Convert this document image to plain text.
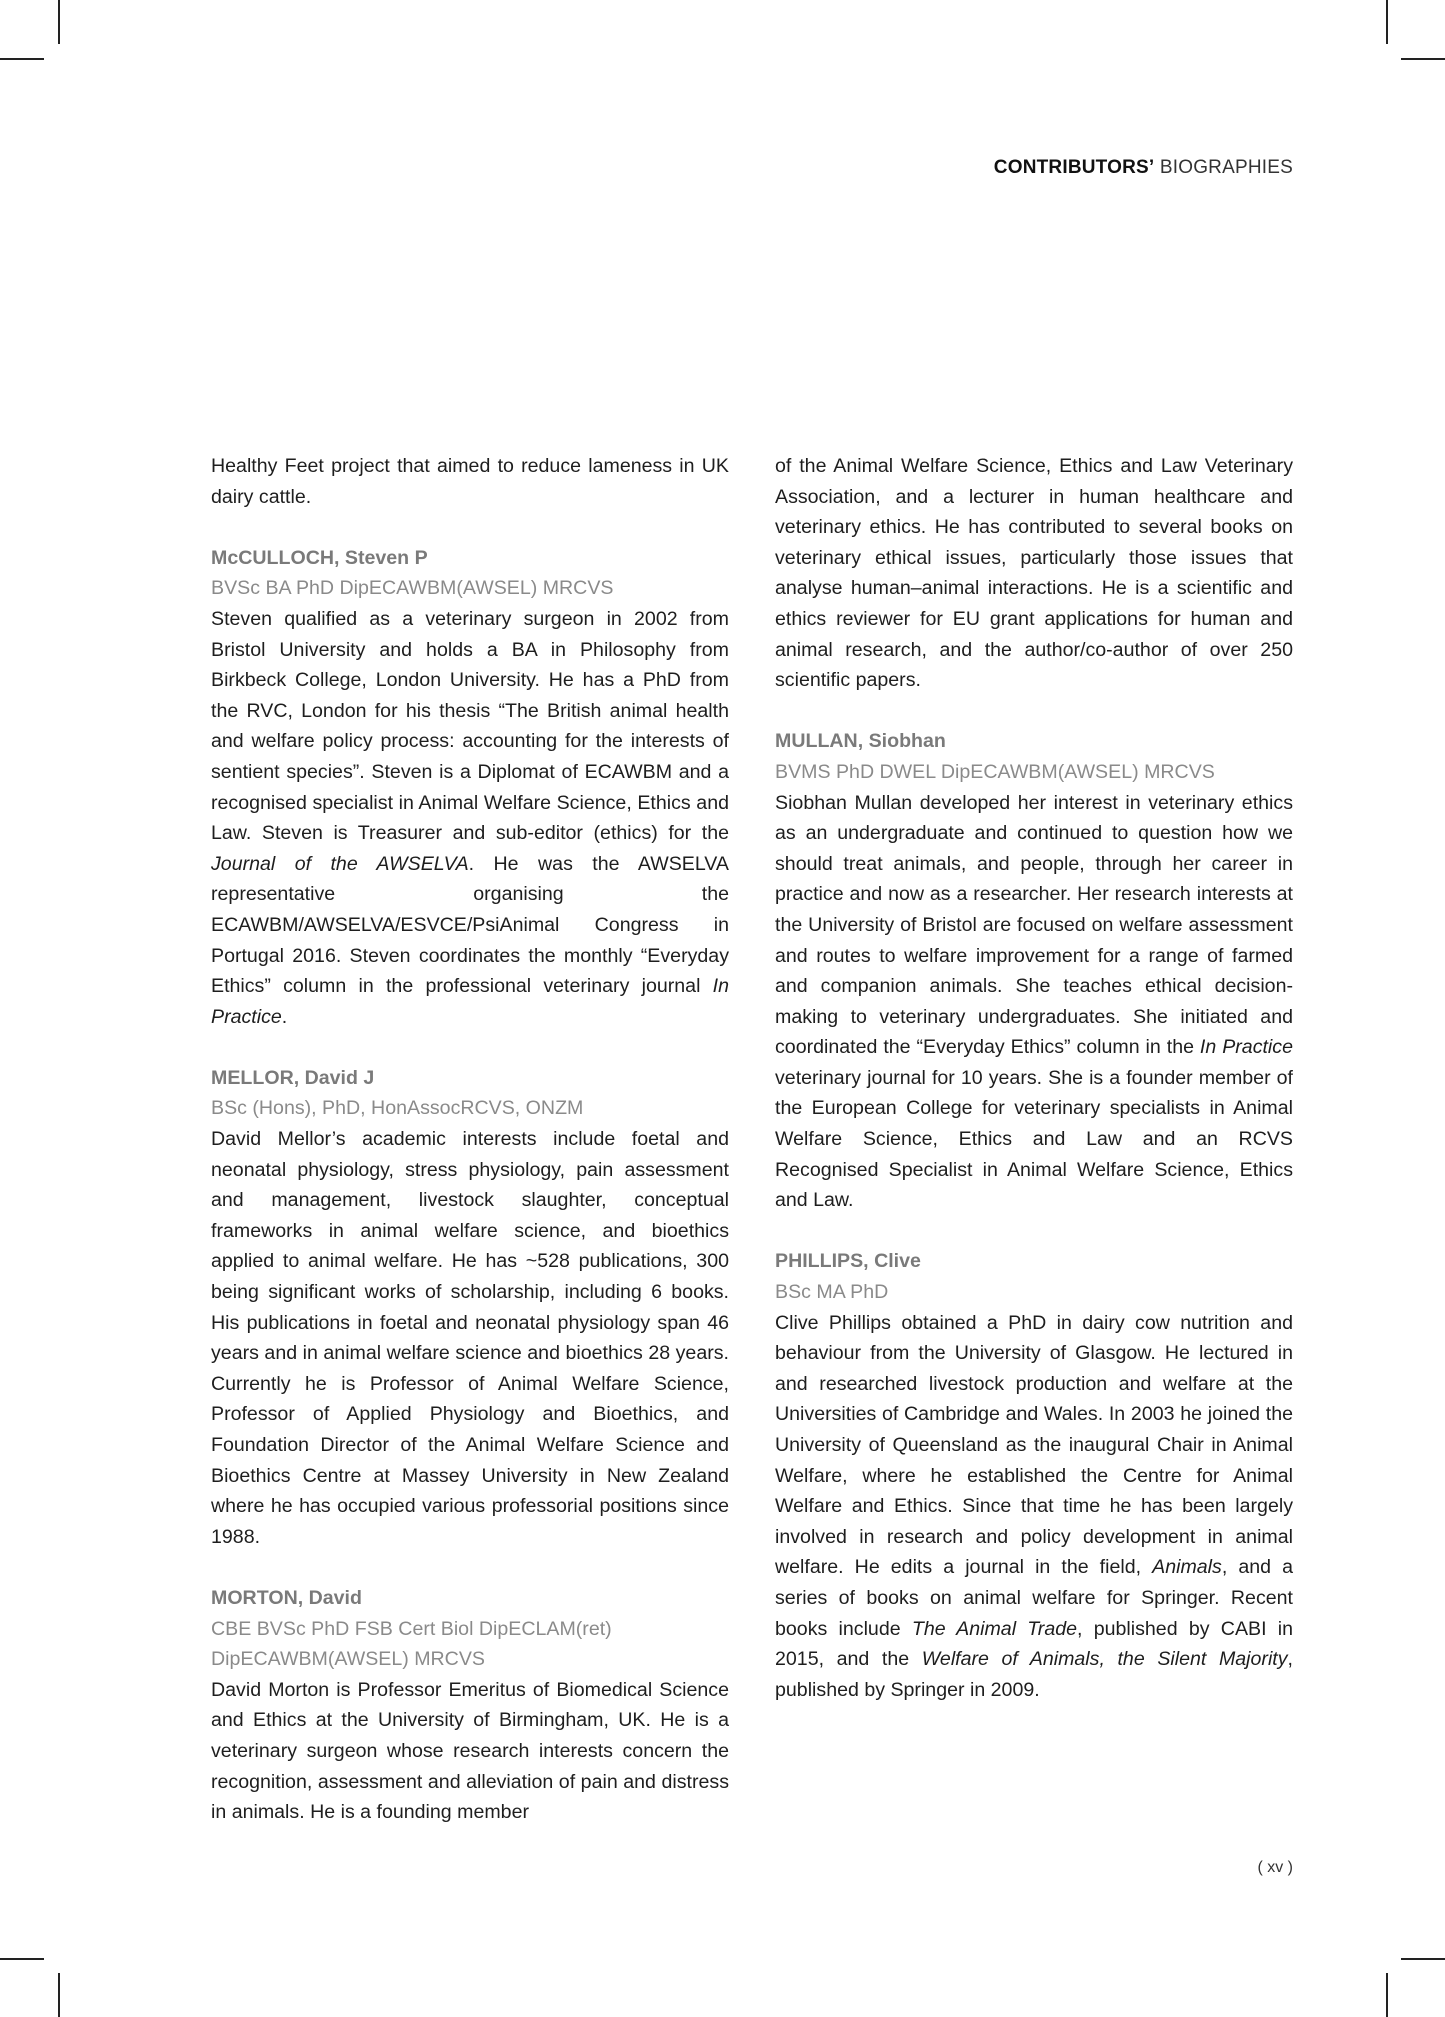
CONTRIBUTORS’ BIOGRAPHIES

Healthy Feet project that aimed to reduce lameness in UK dairy cattle.

McCULLOCH, Steven P
BVSc BA PhD DipECAWBM(AWSEL) MRCVS

Steven qualified as a veterinary surgeon in 2002 from Bristol University and holds a BA in Philosophy from Birkbeck College, London University. He has a PhD from the RVC, London for his thesis “The British animal health and welfare policy process: accounting for the interests of sentient species”. Steven is a Diplomat of ECAWBM and a recognised specialist in Animal Welfare Science, Ethics and Law. Steven is Treasurer and sub-editor (ethics) for the Journal of the AWSELVA. He was the AWSELVA representative organising the ECAWBM/AWSELVA/ESVCE/PsiAnimal Congress in Portugal 2016. Steven coordinates the monthly “Everyday Ethics” column in the professional veterinary journal In Practice.

MELLOR, David J
BSc (Hons), PhD, HonAssocRCVS, ONZM

David Mellor’s academic interests include foetal and neonatal physiology, stress physiology, pain assessment and management, livestock slaughter, conceptual frameworks in animal welfare science, and bioethics applied to animal welfare. He has ~528 publications, 300 being significant works of scholarship, including 6 books. His publications in foetal and neonatal physiology span 46 years and in animal welfare science and bioethics 28 years. Currently he is Professor of Animal Welfare Science, Professor of Applied Physiology and Bioethics, and Foundation Director of the Animal Welfare Science and Bioethics Centre at Massey University in New Zealand where he has occupied various professorial positions since 1988.

MORTON, David
CBE BVSc PhD FSB Cert Biol DipECLAM(ret)
DipECAWBM(AWSEL) MRCVS

David Morton is Professor Emeritus of Biomedical Science and Ethics at the University of Birmingham, UK. He is a veterinary surgeon whose research interests concern the recognition, assessment and alleviation of pain and distress in animals. He is a founding member

of the Animal Welfare Science, Ethics and Law Veterinary Association, and a lecturer in human healthcare and veterinary ethics. He has contributed to several books on veterinary ethical issues, particularly those issues that analyse human–animal interactions. He is a scientific and ethics reviewer for EU grant applications for human and animal research, and the author/co-author of over 250 scientific papers.

MULLAN, Siobhan
BVMS PhD DWEL DipECAWBM(AWSEL) MRCVS

Siobhan Mullan developed her interest in veterinary ethics as an undergraduate and continued to question how we should treat animals, and people, through her career in practice and now as a researcher. Her research interests at the University of Bristol are focused on welfare assessment and routes to welfare improvement for a range of farmed and companion animals. She teaches ethical decision-making to veterinary undergraduates. She initiated and coordinated the “Everyday Ethics” column in the In Practice veterinary journal for 10 years. She is a founder member of the European College for veterinary specialists in Animal Welfare Science, Ethics and Law and an RCVS Recognised Specialist in Animal Welfare Science, Ethics and Law.

PHILLIPS, Clive
BSc MA PhD

Clive Phillips obtained a PhD in dairy cow nutrition and behaviour from the University of Glasgow. He lectured in and researched livestock production and welfare at the Universities of Cambridge and Wales. In 2003 he joined the University of Queensland as the inaugural Chair in Animal Welfare, where he established the Centre for Animal Welfare and Ethics. Since that time he has been largely involved in research and policy development in animal welfare. He edits a journal in the field, Animals, and a series of books on animal welfare for Springer. Recent books include The Animal Trade, published by CABI in 2015, and the Welfare of Animals, the Silent Majority, published by Springer in 2009.

( xv )
